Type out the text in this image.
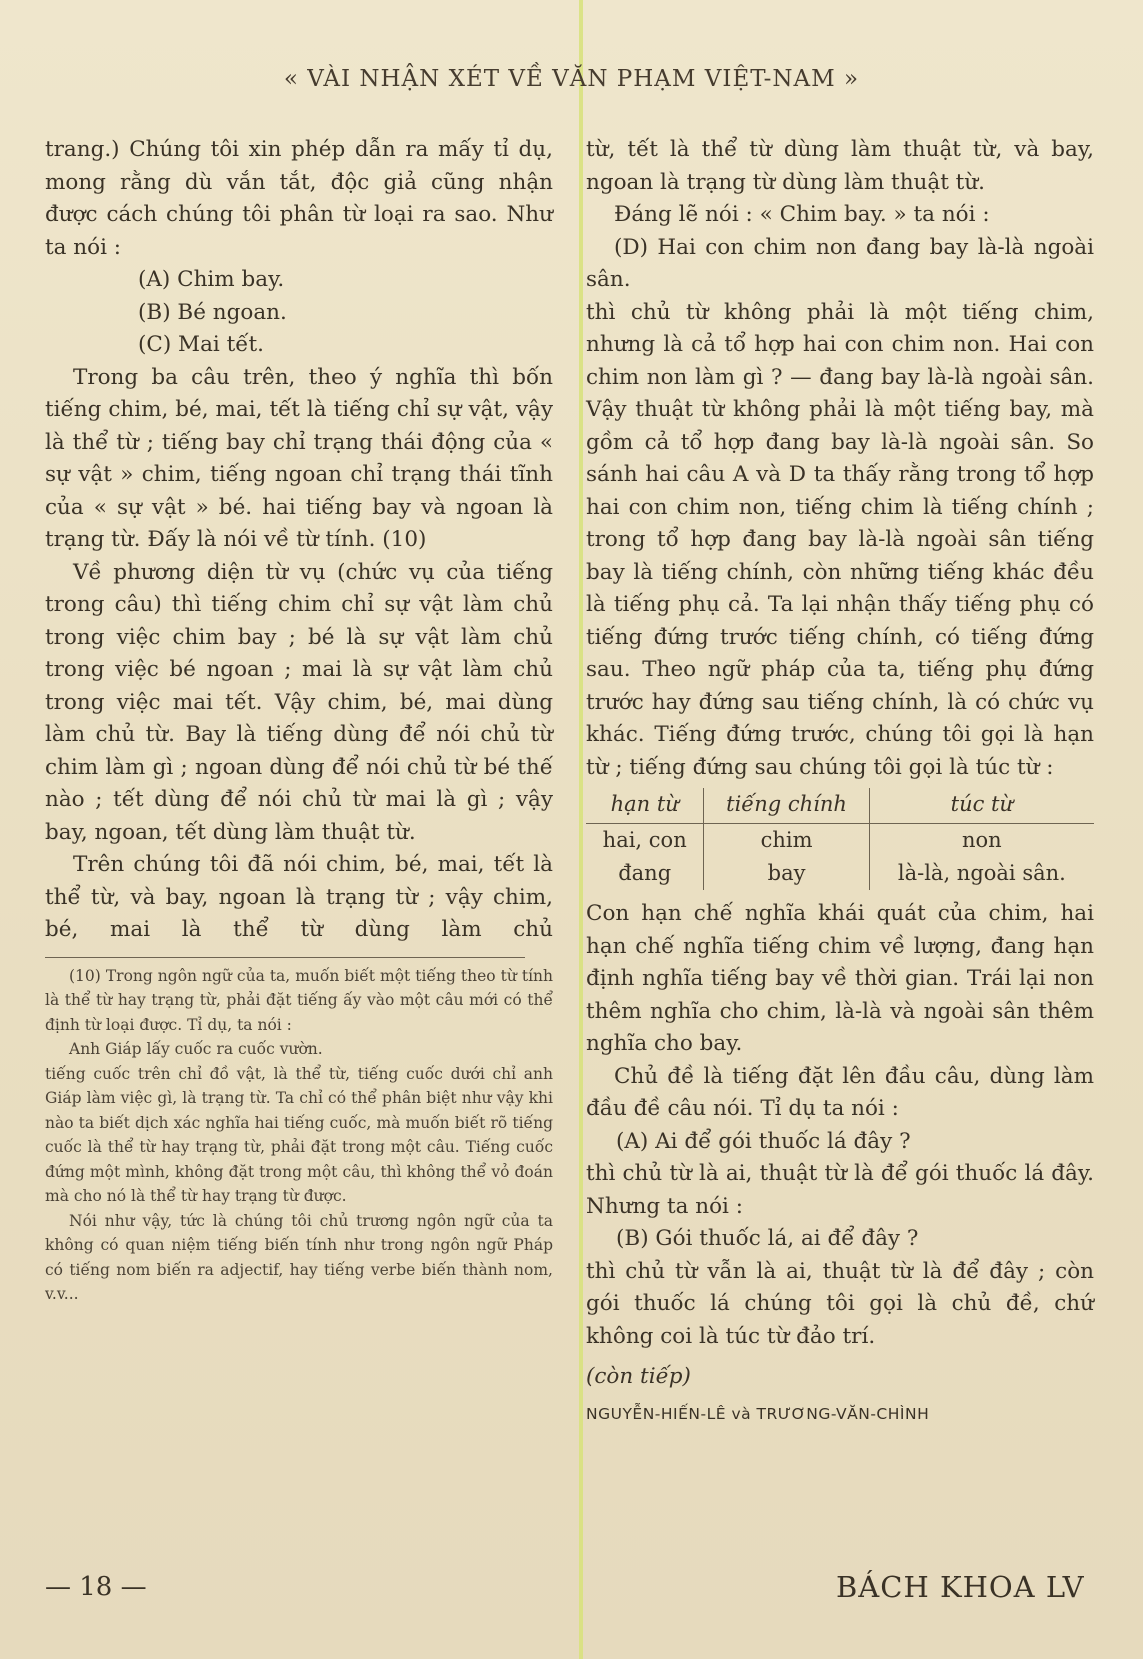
« VÀI NHẬN XÉT VỀ VĂN PHẠM VIỆT-NAM »

trang.) Chúng tôi xin phép dẫn ra mấy tỉ dụ, mong rằng dù vắn tắt, độc giả cũng nhận được cách chúng tôi phân từ loại ra sao. Như ta nói :

(A) Chim bay.

(B) Bé ngoan.

(C) Mai tết.

Trong ba câu trên, theo ý nghĩa thì bốn tiếng chim, bé, mai, tết là tiếng chỉ sự vật, vậy là thể từ ; tiếng bay chỉ trạng thái động của « sự vật » chim, tiếng ngoan chỉ trạng thái tĩnh của « sự vật » bé. hai tiếng bay và ngoan là trạng từ. Đấy là nói về từ tính. (10)

Về phương diện từ vụ (chức vụ của tiếng trong câu) thì tiếng chim chỉ sự vật làm chủ trong việc chim bay ; bé là sự vật làm chủ trong việc bé ngoan ; mai là sự vật làm chủ trong việc mai tết. Vậy chim, bé, mai dùng làm chủ từ. Bay là tiếng dùng để nói chủ từ chim làm gì ; ngoan dùng để nói chủ từ bé thế nào ; tết dùng để nói chủ từ mai là gì ; vậy bay, ngoan, tết dùng làm thuật từ.

Trên chúng tôi đã nói chim, bé, mai, tết là thể từ, và bay, ngoan là trạng từ ; vậy chim, bé, mai là thể từ dùng làm chủ

(10) Trong ngôn ngữ của ta, muốn biết một tiếng theo từ tính là thể từ hay trạng từ, phải đặt tiếng ấy vào một câu mới có thể định từ loại được. Tỉ dụ, ta nói :

Anh Giáp lấy cuốc ra cuốc vườn.

tiếng cuốc trên chỉ đồ vật, là thể từ, tiếng cuốc dưới chỉ anh Giáp làm việc gì, là trạng từ. Ta chỉ có thể phân biệt như vậy khi nào ta biết dịch xác nghĩa hai tiếng cuốc, mà muốn biết rõ tiếng cuốc là thể từ hay trạng từ, phải đặt trong một câu. Tiếng cuốc đứng một mình, không đặt trong một câu, thì không thể vỏ đoán mà cho nó là thể từ hay trạng từ được.

Nói như vậy, tức là chúng tôi chủ trương ngôn ngữ của ta không có quan niệm tiếng biến tính như trong ngôn ngữ Pháp có tiếng nom biến ra adjectif, hay tiếng verbe biến thành nom, v.v...

từ, tết là thể từ dùng làm thuật từ, và bay, ngoan là trạng từ dùng làm thuật từ.

Đáng lẽ nói : « Chim bay. » ta nói :

(D) Hai con chim non đang bay là-là ngoài sân.

thì chủ từ không phải là một tiếng chim, nhưng là cả tổ hợp hai con chim non. Hai con chim non làm gì ? — đang bay là-là ngoài sân. Vậy thuật từ không phải là một tiếng bay, mà gồm cả tổ hợp đang bay là-là ngoài sân. So sánh hai câu A và D ta thấy rằng trong tổ hợp hai con chim non, tiếng chim là tiếng chính ; trong tổ hợp đang bay là-là ngoài sân tiếng bay là tiếng chính, còn những tiếng khác đều là tiếng phụ cả. Ta lại nhận thấy tiếng phụ có tiếng đứng trước tiếng chính, có tiếng đứng sau. Theo ngữ pháp của ta, tiếng phụ đứng trước hay đứng sau tiếng chính, là có chức vụ khác. Tiếng đứng trước, chúng tôi gọi là hạn từ ; tiếng đứng sau chúng tôi gọi là túc từ :

hạn từ	tiếng chính	túc từ
hai, con	chim	non
đang	bay	là-là, ngoài sân.

Con hạn chế nghĩa khái quát của chim, hai hạn chế nghĩa tiếng chim về lượng, đang hạn định nghĩa tiếng bay về thời gian. Trái lại non thêm nghĩa cho chim, là-là và ngoài sân thêm nghĩa cho bay.

Chủ đề là tiếng đặt lên đầu câu, dùng làm đầu đề câu nói. Tỉ dụ ta nói :

(A) Ai để gói thuốc lá đây ?

thì chủ từ là ai, thuật từ là để gói thuốc lá đây. Nhưng ta nói :

(B) Gói thuốc lá, ai để đây ?

thì chủ từ vẫn là ai, thuật từ là để đây ; còn gói thuốc lá chúng tôi gọi là chủ đề, chứ không coi là túc từ đảo trí.

(còn tiếp)

NGUYỄN-HIẾN-LÊ và TRƯƠNG-VĂN-CHÌNH

— 18 —	BÁCH KHOA LV
